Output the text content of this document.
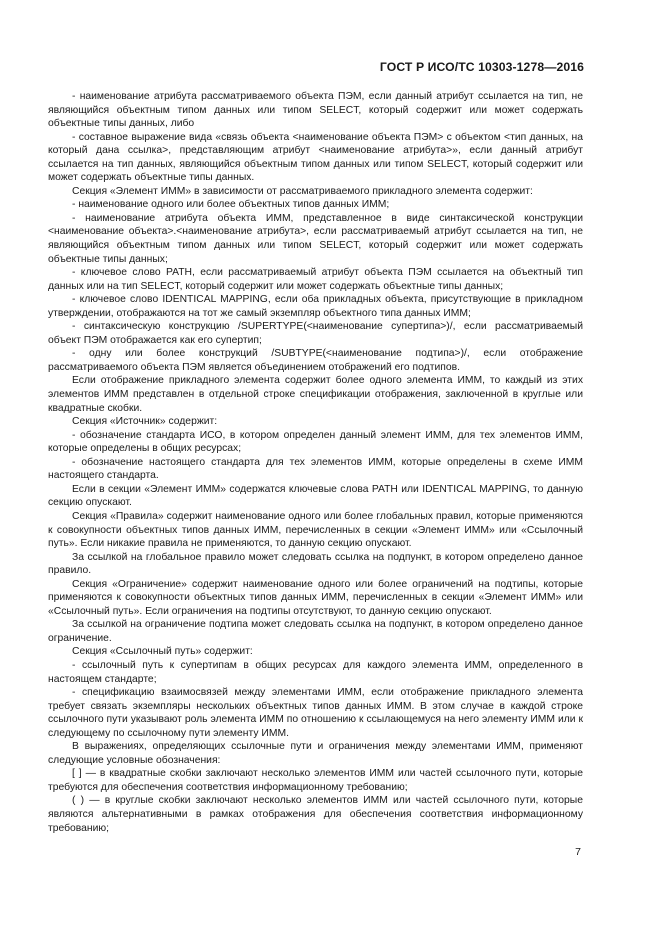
ГОСТ Р ИСО/ТС 10303-1278—2016

- наименование атрибута рассматриваемого объекта ПЭМ, если данный атрибут ссылается на тип, не являющийся объектным типом данных или типом SELECT, который содержит или может содержать объектные типы данных, либо

- составное выражение вида «связь объекта <наименование объекта ПЭМ> с объектом <тип данных, на который дана ссылка>, представляющим атрибут <наименование атрибута>», если данный атрибут ссылается на тип данных, являющийся объектным типом данных или типом SELECT, который содержит или может содержать объектные типы данных.

Секция «Элемент ИММ» в зависимости от рассматриваемого прикладного элемента содержит:

- наименование одного или более объектных типов данных ИММ;

- наименование атрибута объекта ИММ, представленное в виде синтаксической конструкции <наименование объекта>.<наименование атрибута>, если рассматриваемый атрибут ссылается на тип, не являющийся объектным типом данных или типом SELECT, который содержит или может содержать объектные типы данных;

- ключевое слово PATH, если рассматриваемый атрибут объекта ПЭМ ссылается на объектный тип данных или на тип SELECT, который содержит или может содержать объектные типы данных;

- ключевое слово IDENTICAL MAPPING, если оба прикладных объекта, присутствующие в прикладном утверждении, отображаются на тот же самый экземпляр объектного типа данных ИММ;

- синтаксическую конструкцию /SUPERTYPE(<наименование супертипа>)/, если рассматриваемый объект ПЭМ отображается как его супертип;

- одну или более конструкций /SUBTYPE(<наименование подтипа>)/, если отображение рассматриваемого объекта ПЭМ является объединением отображений его подтипов.

Если отображение прикладного элемента содержит более одного элемента ИММ, то каждый из этих элементов ИММ представлен в отдельной строке спецификации отображения, заключенной в круглые или квадратные скобки.

Секция «Источник» содержит:

- обозначение стандарта ИСО, в котором определен данный элемент ИММ, для тех элементов ИММ, которые определены в общих ресурсах;

- обозначение настоящего стандарта для тех элементов ИММ, которые определены в схеме ИММ настоящего стандарта.

Если в секции «Элемент ИММ» содержатся ключевые слова PATH или IDENTICAL MAPPING, то данную секцию опускают.

Секция «Правила» содержит наименование одного или более глобальных правил, которые применяются к совокупности объектных типов данных ИММ, перечисленных в секции «Элемент ИММ» или «Ссылочный путь». Если никакие правила не применяются, то данную секцию опускают.

За ссылкой на глобальное правило может следовать ссылка на подпункт, в котором определено данное правило.

Секция «Ограничение» содержит наименование одного или более ограничений на подтипы, которые применяются к совокупности объектных типов данных ИММ, перечисленных в секции «Элемент ИММ» или «Ссылочный путь». Если ограничения на подтипы отсутствуют, то данную секцию опускают.

За ссылкой на ограничение подтипа может следовать ссылка на подпункт, в котором определено данное ограничение.

Секция «Ссылочный путь» содержит:

- ссылочный путь к супертипам в общих ресурсах для каждого элемента ИММ, определенного в настоящем стандарте;

- спецификацию взаимосвязей между элементами ИММ, если отображение прикладного элемента требует связать экземпляры нескольких объектных типов данных ИММ. В этом случае в каждой строке ссылочного пути указывают роль элемента ИММ по отношению к ссылающемуся на него элементу ИММ или к следующему по ссылочному пути элементу ИММ.

В выражениях, определяющих ссылочные пути и ограничения между элементами ИММ, применяют следующие условные обозначения:

[ ] — в квадратные скобки заключают несколько элементов ИММ или частей ссылочного пути, которые требуются для обеспечения соответствия информационному требованию;

( ) — в круглые скобки заключают несколько элементов ИММ или частей ссылочного пути, которые являются альтернативными в рамках отображения для обеспечения соответствия информационному требованию;

7
